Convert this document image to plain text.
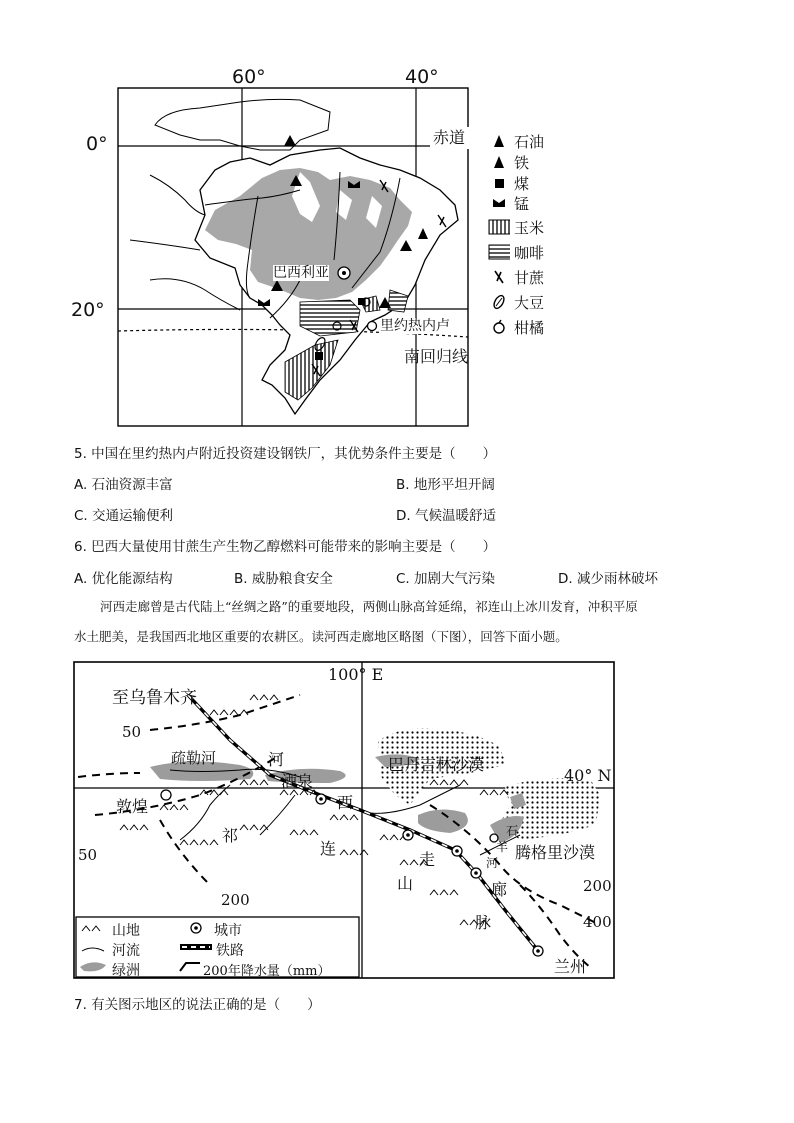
60°	40°
0°
20°
赤道
南回归线
巴西利亚
里约热内卢
石油
铁
煤
锰
玉米
咖啡
甘蔗
大豆
柑橘
5. 中国在里约热内卢附近投资建设钢铁厂，其优势条件主要是（　　）
A. 石油资源丰富	B. 地形平坦开阔
C. 交通运输便利	D. 气候温暖舒适
6. 巴西大量使用甘蔗生产生物乙醇燃料可能带来的影响主要是（　　）
A. 优化能源结构	B. 威胁粮食安全	C. 加剧大气污染	D. 减少雨林破坏
河西走廊曾是古代陆上“丝绸之路”的重要地段，两侧山脉高耸延绵，祁连山上冰川发育，冲积平原
水土肥美，是我国西北地区重要的农耕区。读河西走廊地区略图（下图），回答下面小题。
100° E
40° N
至乌鲁木齐
50
50
200
200
400
疏勒河	河
酒泉
西
敦煌
巴丹吉林沙漠
腾格里沙漠
祁
连
山
脉
走
廊
石
羊
河
兰州
山地
河流
绿洲
城市
铁路
200年降水量（mm）
7. 有关图示地区的说法正确的是（　　）
